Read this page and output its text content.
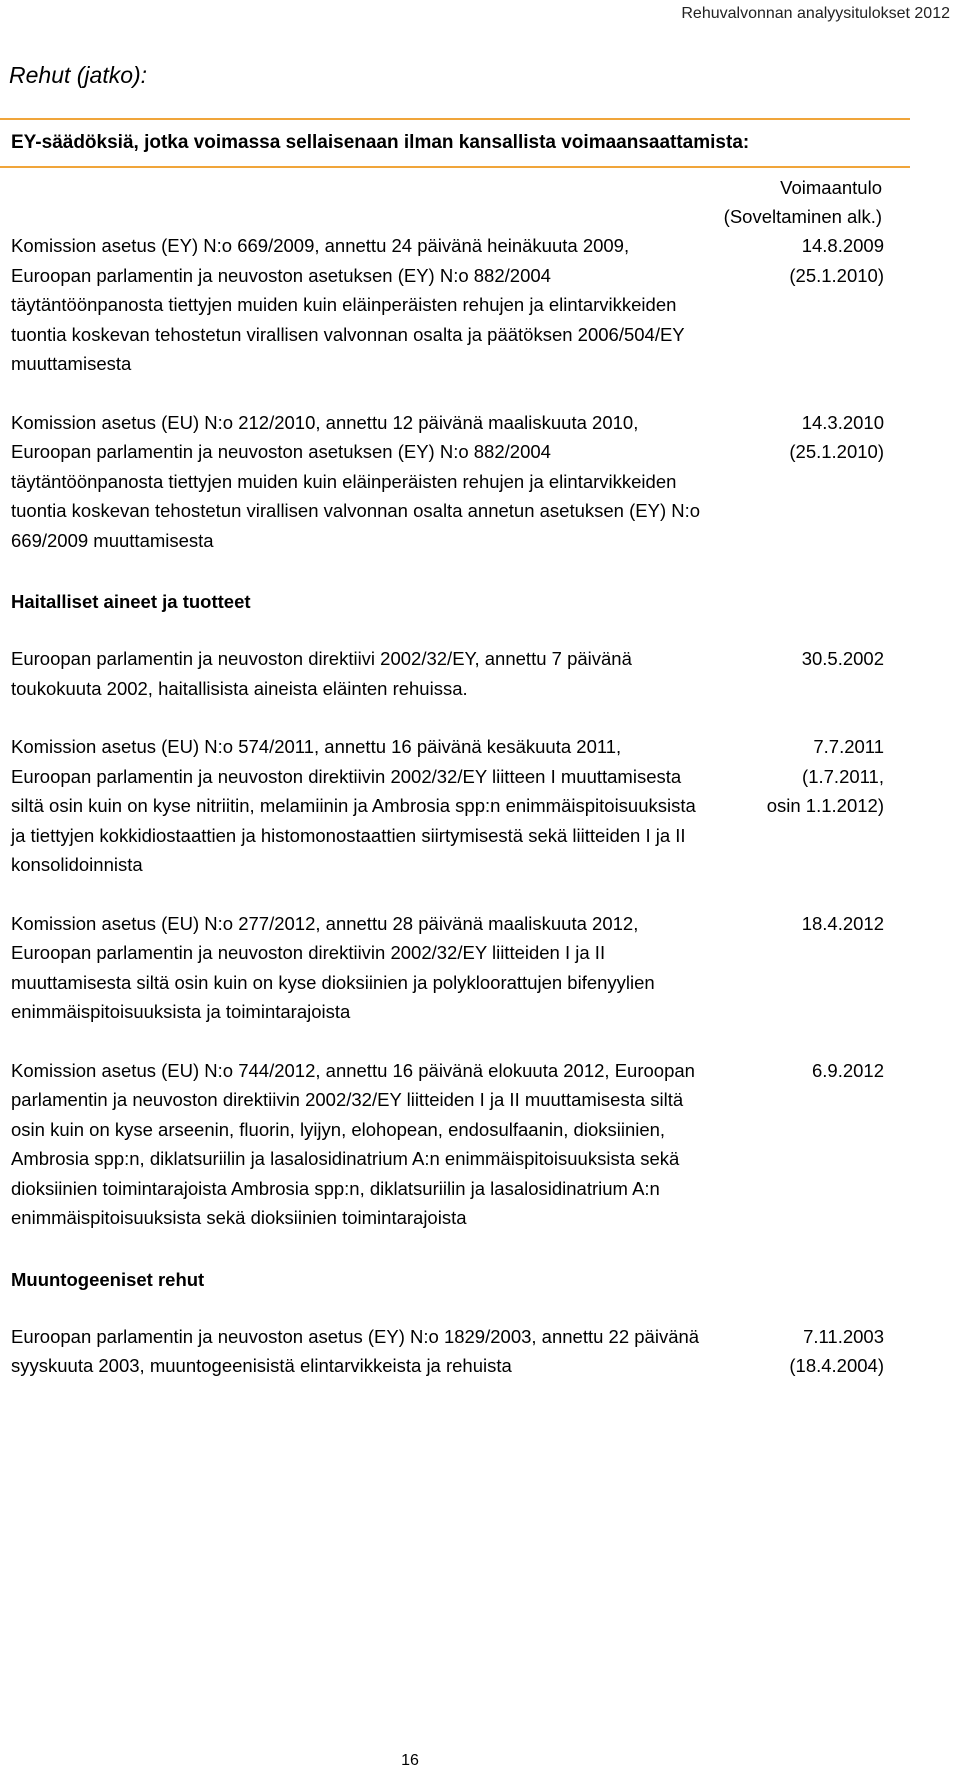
Rehuvalvonnan analyysitulokset 2012
Rehut (jatko):
EY-säädöksiä, jotka voimassa sellaisenaan ilman kansallista voimaansaattamista:
Voimaantulo
(Soveltaminen alk.)
Komission asetus (EY) N:o 669/2009, annettu 24 päivänä heinäkuuta 2009, Euroopan parlamentin ja neuvoston asetuksen (EY) N:o 882/2004 täytäntöönpanosta tiettyjen muiden kuin eläinperäisten rehujen ja elintarvikkeiden tuontia koskevan tehostetun virallisen valvonnan osalta ja päätöksen 2006/504/EY muuttamisesta
14.8.2009
(25.1.2010)
Komission asetus (EU) N:o 212/2010, annettu 12 päivänä maaliskuuta 2010, Euroopan parlamentin ja neuvoston asetuksen (EY) N:o 882/2004 täytäntöönpanosta tiettyjen muiden kuin eläinperäisten rehujen ja elintarvikkeiden tuontia koskevan tehostetun virallisen valvonnan osalta annetun asetuksen (EY) N:o 669/2009 muuttamisesta
14.3.2010
(25.1.2010)
Haitalliset aineet ja tuotteet
Euroopan parlamentin ja neuvoston direktiivi 2002/32/EY, annettu 7 päivänä toukokuuta 2002, haitallisista aineista eläinten rehuissa.
30.5.2002
Komission asetus (EU) N:o 574/2011, annettu 16 päivänä kesäkuuta 2011, Euroopan parlamentin ja neuvoston direktiivin 2002/32/EY liitteen I muuttamisesta siltä osin kuin on kyse nitriitin, melamiinin ja Ambrosia spp:n enimmäispitoisuuksista ja tiettyjen kokkidiostaattien ja histomonostaattien siirtymisestä sekä liitteiden I ja II konsolidoinnista
7.7.2011
(1.7.2011,
osin 1.1.2012)
Komission asetus (EU) N:o 277/2012, annettu 28 päivänä maaliskuuta 2012, Euroopan parlamentin ja neuvoston direktiivin 2002/32/EY liitteiden I ja II muuttamisesta siltä osin kuin on kyse dioksiinien ja polykloorattujen bifenyylien enimmäispitoisuuksista ja toimintarajoista
18.4.2012
Komission asetus (EU) N:o 744/2012, annettu 16 päivänä elokuuta 2012, Euroopan parlamentin ja neuvoston direktiivin 2002/32/EY liitteiden I ja II muuttamisesta siltä osin kuin on kyse arseenin, fluorin, lyijyn, elohopean, endosulfaanin, dioksiinien, Ambrosia spp:n, diklatsuriilin ja lasalosidinatrium A:n enimmäispitoisuuksista sekä dioksiinien toimintarajoista Ambrosia spp:n, diklatsuriilin ja lasalosidinatrium A:n enimmäispitoisuuksista sekä dioksiinien toimintarajoista
6.9.2012
Muuntogeeniset rehut
Euroopan parlamentin ja neuvoston asetus (EY) N:o 1829/2003, annettu 22 päivänä syyskuuta 2003, muuntogeenisistä elintarvikkeista ja rehuista
7.11.2003
(18.4.2004)
16
